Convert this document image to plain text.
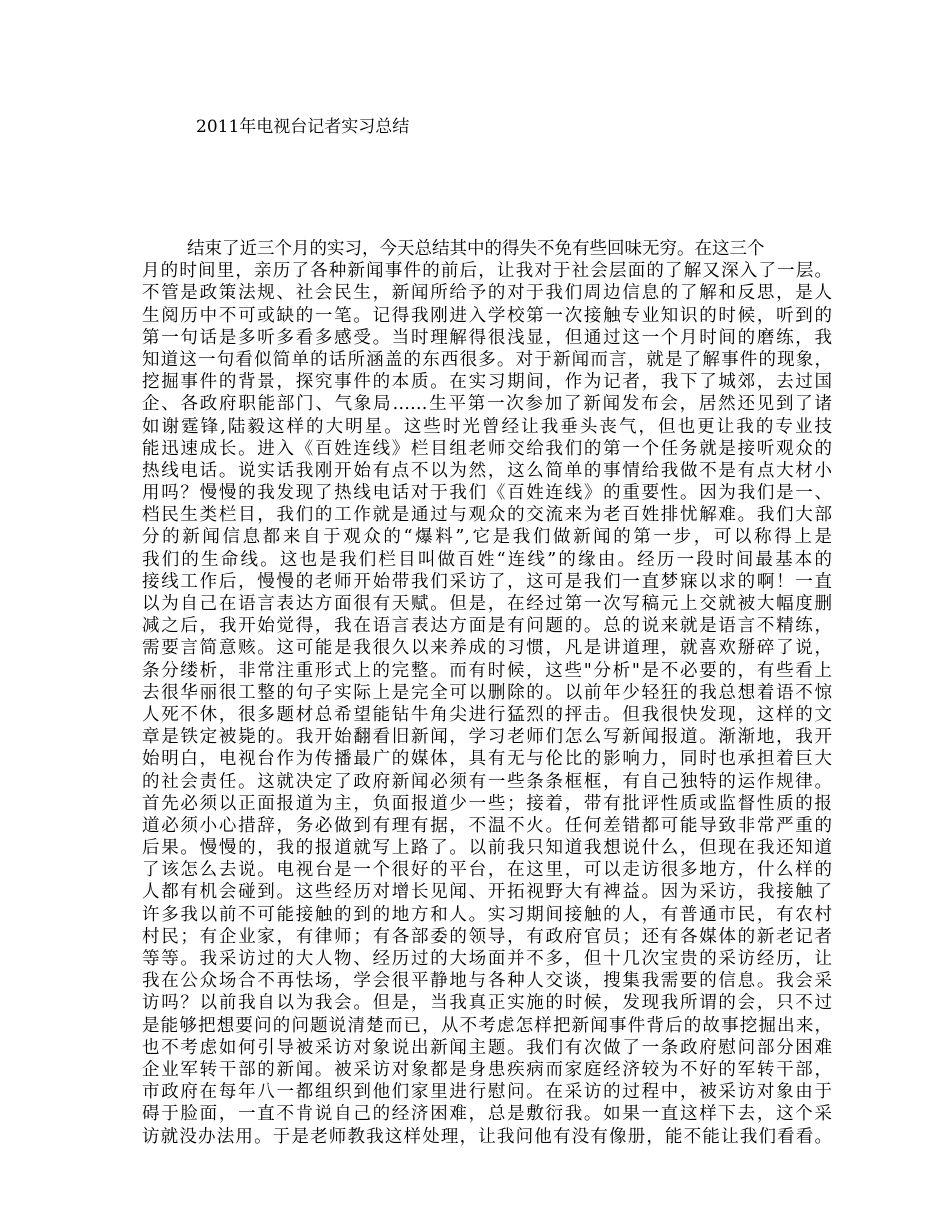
2011年电视台记者实习总结
结束了近三个月的实习，今天总结其中的得失不免有些回味无穷。在这三个
月的时间里，亲历了各种新闻事件的前后，让我对于社会层面的了解又深入了一层。
不管是政策法规、社会民生，新闻所给予的对于我们周边信息的了解和反思，是人
生阅历中不可或缺的一笔。记得我刚进入学校第一次接触专业知识的时候，听到的
第一句话是多听多看多感受。当时理解得很浅显，但通过这一个月时间的磨练，我
知道这一句看似简单的话所涵盖的东西很多。对于新闻而言，就是了解事件的现象，
挖掘事件的背景，探究事件的本质。在实习期间，作为记者，我下了城郊，去过国
企、各政府职能部门、气象局……生平第一次参加了新闻发布会，居然还见到了诸
如谢霆锋,陆毅这样的大明星。这些时光曾经让我垂头丧气，但也更让我的专业技
能迅速成长。进入《百姓连线》栏目组老师交给我们的第一个任务就是接听观众的
热线电话。说实话我刚开始有点不以为然，这么简单的事情给我做不是有点大材小
用吗？慢慢的我发现了热线电话对于我们《百姓连线》的重要性。因为我们是一、
档民生类栏目，我们的工作就是通过与观众的交流来为老百姓排忧解难。我们大部
分的新闻信息都来自于观众的“爆料”,它是我们做新闻的第一步，可以称得上是
我们的生命线。这也是我们栏目叫做百姓“连线”的缘由。经历一段时间最基本的
接线工作后，慢慢的老师开始带我们采访了，这可是我们一直梦寐以求的啊！一直
以为自己在语言表达方面很有天赋。但是，在经过第一次写稿元上交就被大幅度删
减之后，我开始觉得，我在语言表达方面是有问题的。总的说来就是语言不精练，
需要言简意赅。这可能是我很久以来养成的习惯，凡是讲道理，就喜欢掰碎了说，
条分缕析，非常注重形式上的完整。而有时候，这些"分析"是不必要的，有些看上
去很华丽很工整的句子实际上是完全可以删除的。以前年少轻狂的我总想着语不惊
人死不休，很多题材总希望能钻牛角尖进行猛烈的抨击。但我很快发现，这样的文
章是铁定被毙的。我开始翻看旧新闻，学习老师们怎么写新闻报道。渐渐地，我开
始明白，电视台作为传播最广的媒体，具有无与伦比的影响力，同时也承担着巨大
的社会责任。这就决定了政府新闻必须有一些条条框框，有自己独特的运作规律。
首先必须以正面报道为主，负面报道少一些；接着，带有批评性质或监督性质的报
道必须小心措辞，务必做到有理有据，不温不火。任何差错都可能导致非常严重的
后果。慢慢的，我的报道就写上路了。以前我只知道我想说什么，但现在我还知道
了该怎么去说。电视台是一个很好的平台，在这里，可以走访很多地方，什么样的
人都有机会碰到。这些经历对增长见闻、开拓视野大有裨益。因为采访，我接触了
许多我以前不可能接触的到的地方和人。实习期间接触的人，有普通市民，有农村
村民；有企业家，有律师；有各部委的领导，有政府官员；还有各媒体的新老记者
等等。我采访过的大人物、经历过的大场面并不多，但十几次宝贵的采访经历，让
我在公众场合不再怯场，学会很平静地与各种人交谈，搜集我需要的信息。我会采
访吗？以前我自以为我会。但是，当我真正实施的时候，发现我所谓的会，只不过
是能够把想要问的问题说清楚而已，从不考虑怎样把新闻事件背后的故事挖掘出来，
也不考虑如何引导被采访对象说出新闻主题。我们有次做了一条政府慰问部分困难
企业军转干部的新闻。被采访对象都是身患疾病而家庭经济较为不好的军转干部，
市政府在每年八一都组织到他们家里进行慰问。在采访的过程中，被采访对象由于
碍于脸面，一直不肯说自己的经济困难，总是敷衍我。如果一直这样下去，这个采
访就没办法用。于是老师教我这样处理，让我问他有没有像册，能不能让我们看看。
